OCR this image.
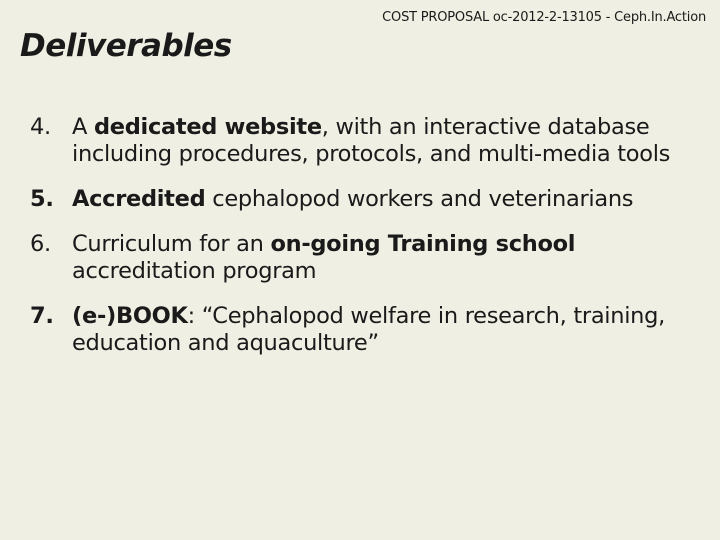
COST PROPOSAL oc-2012-2-13105 - Ceph.In.Action
Deliverables
4. A dedicated website, with an interactive database including procedures, protocols, and multi-media tools
5. Accredited cephalopod workers and veterinarians
6. Curriculum for an on-going Training school accreditation program
7. (e-)BOOK: “Cephalopod welfare in research, training, education and aquaculture”
